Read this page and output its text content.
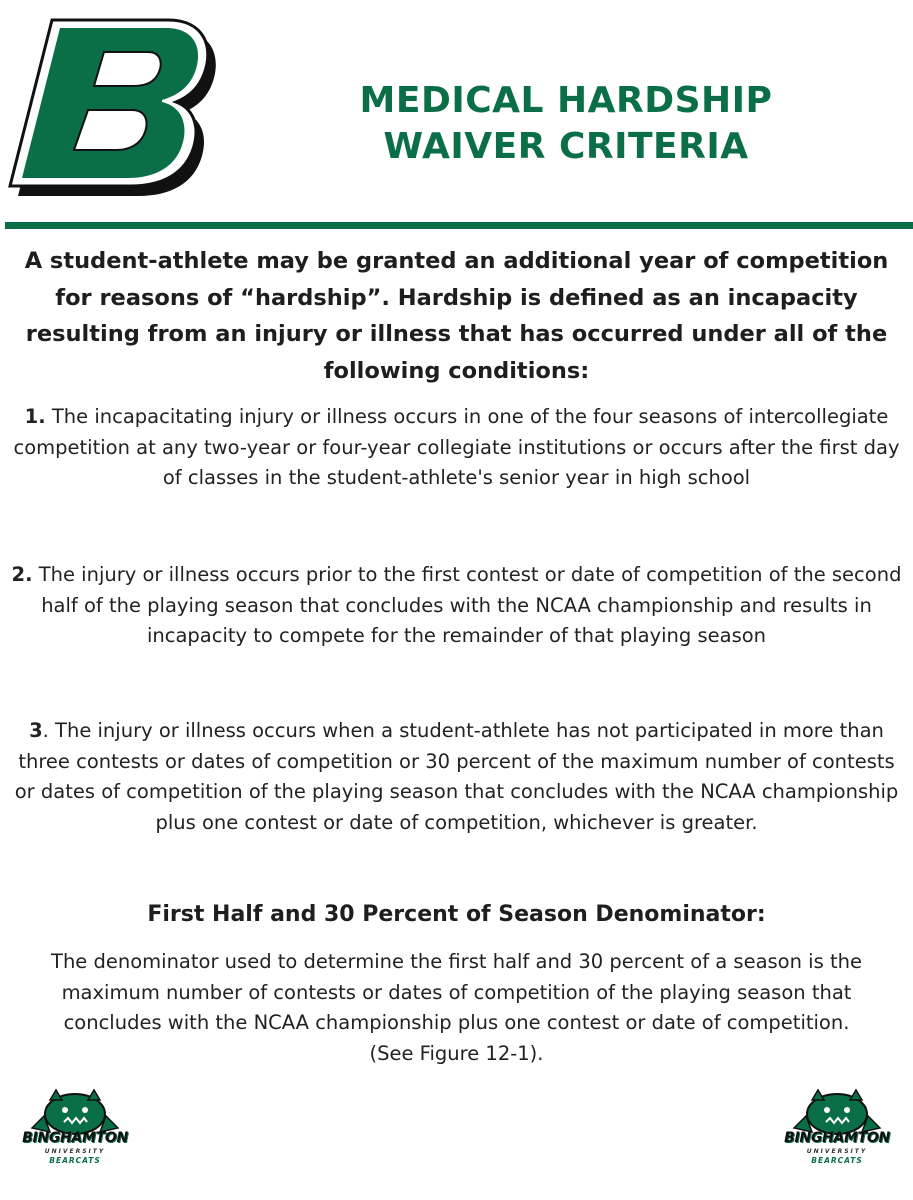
MEDICAL HARDSHIP
WAIVER CRITERIA

A student-athlete may be granted an additional year of competition for reasons of “hardship”. Hardship is defined as an incapacity resulting from an injury or illness that has occurred under all of the following conditions:

1. The incapacitating injury or illness occurs in one of the four seasons of intercollegiate competition at any two-year or four-year collegiate institutions or occurs after the first day of classes in the student-athlete's senior year in high school

2. The injury or illness occurs prior to the first contest or date of competition of the second half of the playing season that concludes with the NCAA championship and results in incapacity to compete for the remainder of that playing season

3. The injury or illness occurs when a student-athlete has not participated in more than three contests or dates of competition or 30 percent of the maximum number of contests or dates of competition of the playing season that concludes with the NCAA championship plus one contest or date of competition, whichever is greater.

First Half and 30 Percent of Season Denominator:
The denominator used to determine the first half and 30 percent of a season is the maximum number of contests or dates of competition of the playing season that concludes with the NCAA championship plus one contest or date of competition.
(See Figure 12-1).
BINGHAMTON
UNIVERSITY
BEARCATS
BINGHAMTON
UNIVERSITY
BEARCATS
